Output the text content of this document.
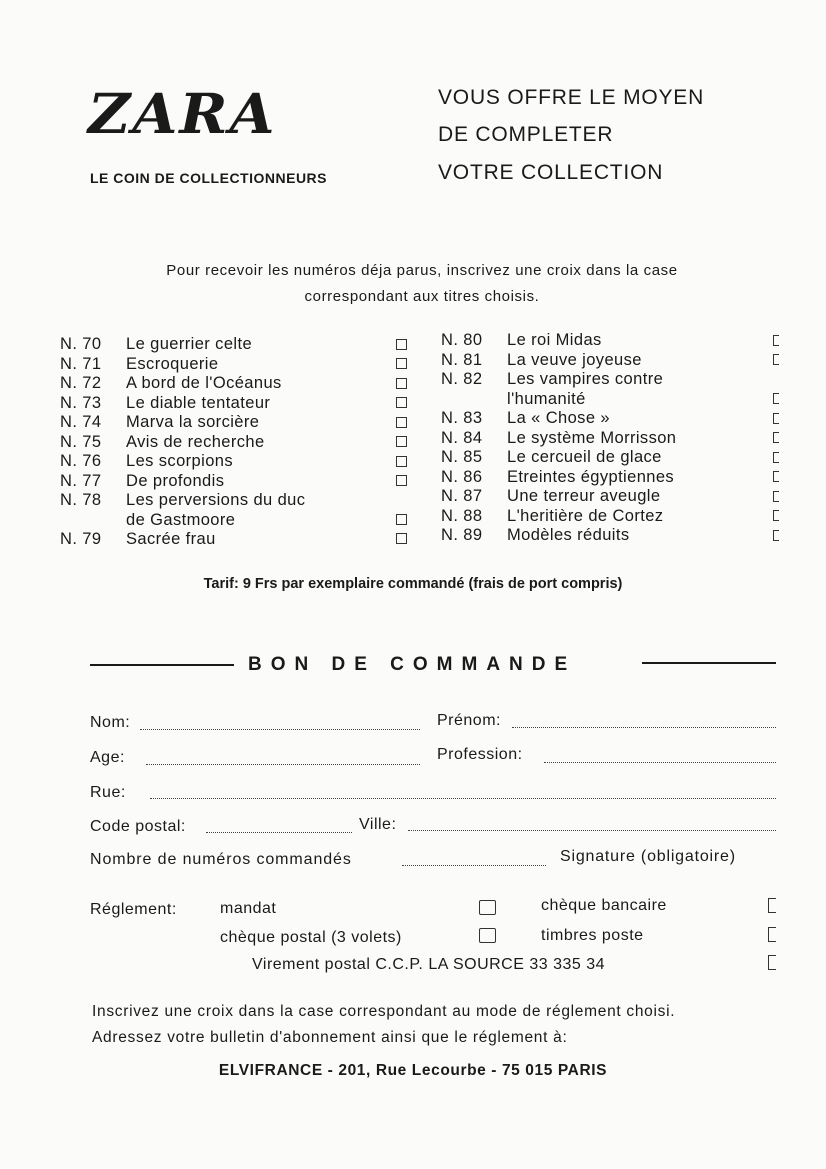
ZARA
LE COIN DE COLLECTIONNEURS
VOUS OFFRE LE MOYEN
DE COMPLETER
VOTRE COLLECTION
Pour recevoir les numéros déja parus, inscrivez une croix dans la case
correspondant aux titres choisis.
N. 70 Le guerrier celte
N. 71 Escroquerie
N. 72 A bord de l'Océanus
N. 73 Le diable tentateur
N. 74 Marva la sorcière
N. 75 Avis de recherche
N. 76 Les scorpions
N. 77 De profondis
N. 78 Les perversions du duc
de Gastmoore
N. 79 Sacrée frau
N. 80 Le roi Midas
N. 81 La veuve joyeuse
N. 82 Les vampires contre
l'humanité
N. 83 La « Chose »
N. 84 Le système Morrisson
N. 85 Le cercueil de glace
N. 86 Etreintes égyptiennes
N. 87 Une terreur aveugle
N. 88 L'heritière de Cortez
N. 89 Modèles réduits
Tarif: 9 Frs par exemplaire commandé (frais de port compris)
BON DE COMMANDE
Nom:	Prénom:
Age:	Profession:
Rue:
Code postal:	Ville:
Nombre de numéros commandés	Signature (obligatoire)
Réglement:	mandat	chèque bancaire
chèque postal (3 volets)	timbres poste
Virement postal C.C.P. LA SOURCE 33 335 34
Inscrivez une croix dans la case correspondant au mode de réglement choisi.
Adressez votre bulletin d'abonnement ainsi que le réglement à:
ELVIFRANCE - 201, Rue Lecourbe - 75 015 PARIS
